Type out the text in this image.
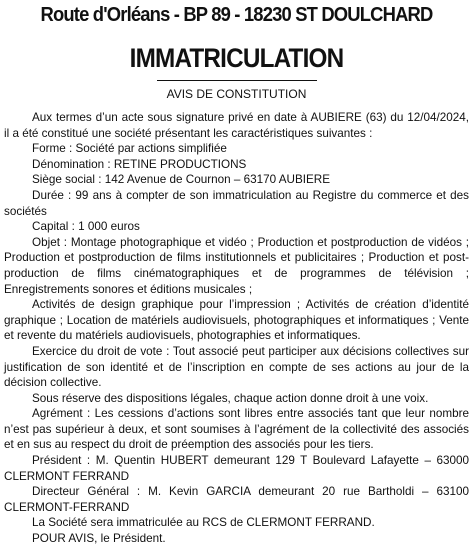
Route d'Orléans - BP 89 - 18230 ST DOULCHARD
IMMATRICULATION
AVIS DE CONSTITUTION

Aux termes d’un acte sous signature privé en date à AUBIERE (63) du 12/04/2024, il a été constitué une société présentant les caractéristiques suivantes :

Forme : Société par actions simplifiée

Dénomination : RETINE PRODUCTIONS

Siège social : 142 Avenue de Cournon – 63170 AUBIERE

Durée : 99 ans à compter de son immatriculation au Registre du commerce et des sociétés

Capital : 1 000 euros

Objet : Montage photographique et vidéo ; Production et postproduction de vidéos ; Production et postproduction de films institutionnels et publicitaires ; Production et post-production de films cinématographiques et de programmes de télévision ; Enregistrements sonores et éditions musicales ;

Activités de design graphique pour l’impression ; Activités de création d’identité graphique ; Location de matériels audiovisuels, photographiques et informatiques ; Vente et revente du matériels audiovisuels, photographies et informatiques.

Exercice du droit de vote : Tout associé peut participer aux décisions collectives sur justification de son identité et de l’inscription en compte de ses actions au jour de la décision collective.

Sous réserve des dispositions légales, chaque action donne droit à une voix.

Agrément : Les cessions d’actions sont libres entre associés tant que leur nombre n’est pas supérieur à deux, et sont soumises à l’agrément de la collectivité des associés et en sus au respect du droit de préemption des associés pour les tiers.

Président : M. Quentin HUBERT demeurant 129 T Boulevard Lafayette – 63000 CLERMONT FERRAND

Directeur Général : M. Kevin GARCIA demeurant 20 rue Bartholdi – 63100 CLERMONT-FERRAND

La Société sera immatriculée au RCS de CLERMONT FERRAND.

POUR AVIS, le Président.
